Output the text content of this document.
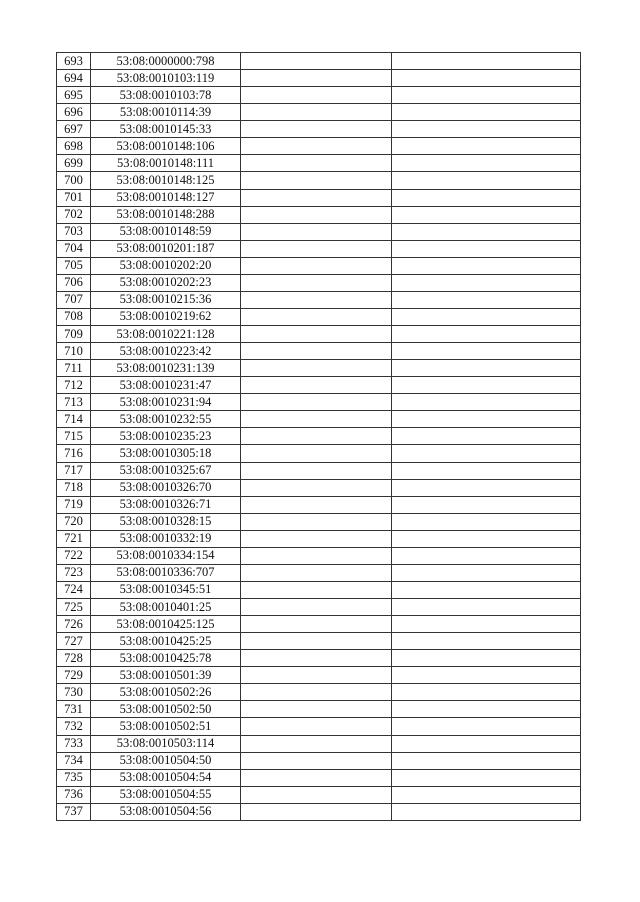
693	53:08:0000000:798		
694	53:08:0010103:119		
695	53:08:0010103:78		
696	53:08:0010114:39		
697	53:08:0010145:33		
698	53:08:0010148:106		
699	53:08:0010148:111		
700	53:08:0010148:125		
701	53:08:0010148:127		
702	53:08:0010148:288		
703	53:08:0010148:59		
704	53:08:0010201:187		
705	53:08:0010202:20		
706	53:08:0010202:23		
707	53:08:0010215:36		
708	53:08:0010219:62		
709	53:08:0010221:128		
710	53:08:0010223:42		
711	53:08:0010231:139		
712	53:08:0010231:47		
713	53:08:0010231:94		
714	53:08:0010232:55		
715	53:08:0010235:23		
716	53:08:0010305:18		
717	53:08:0010325:67		
718	53:08:0010326:70		
719	53:08:0010326:71		
720	53:08:0010328:15		
721	53:08:0010332:19		
722	53:08:0010334:154		
723	53:08:0010336:707		
724	53:08:0010345:51		
725	53:08:0010401:25		
726	53:08:0010425:125		
727	53:08:0010425:25		
728	53:08:0010425:78		
729	53:08:0010501:39		
730	53:08:0010502:26		
731	53:08:0010502:50		
732	53:08:0010502:51		
733	53:08:0010503:114		
734	53:08:0010504:50		
735	53:08:0010504:54		
736	53:08:0010504:55		
737	53:08:0010504:56		
